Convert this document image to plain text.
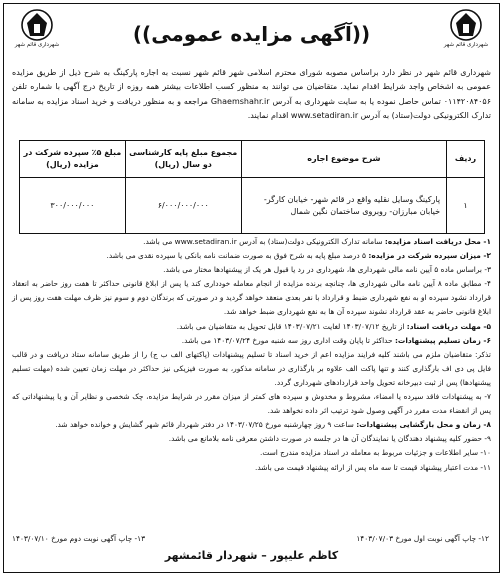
شهرداری قائم شهر
شهرداری قائم شهر	((آگهی مزایده عمومی))

شهرداری قائم شهر در نظر دارد براساس مصوبه شورای محترم اسلامی شهر قائم شهر نسبت به اجاره پارکینگ به شرح ذیل از طریق مزایده عمومی به اشخاص واجد شرایط اقدام نماید. متقاضیان می توانند به منظور کسب اطلاعات بیشتر همه روزه از تاریخ درج آگهی با شماره تلفن ۰۱۱۴۲۰۸۴۰۵۶ تماس حاصل نموده یا به سایت شهرداری به آدرس Ghaemshahr.ir مراجعه و به منظور دریافت و خرید اسناد مزایده به سامانه تدارک الکترونیکی دولت(ستاد) به آدرس www.setadiran.ir اقدام نمایند.

ردیف	شرح موضوع اجاره	مجموع مبلغ پایه کارشناسی دو سال (ریال)	مبلغ ۵٪ سپرده شرکت در مزایده (ریال)
۱	پارکینگ وسایل نقلیه واقع در قائم شهر- خیابان کارگر- خیابان مبارزان- روبروی ساختمان نگین شمال	۶/۰۰۰/۰۰۰/۰۰۰	۳۰۰/۰۰۰/۰۰۰

۱- محل دریافت اسناد مزایده: سامانه تدارک الکترونیکی دولت(ستاد) به آدرس www.setadiran.ir می باشد.

۲- میزان سپرده شرکت در مزایده: ۵ درصد مبلغ پایه به شرح فوق به صورت ضمانت نامه بانکی یا سپرده نقدی می باشد.

۳- براساس ماده ۵ آیین نامه مالی شهرداری ها، شهرداری در رد یا قبول هر یک از پیشنهادها مختار می باشد.

۴- مطابق ماده ۸ آیین نامه مالی شهرداری ها، چنانچه برنده مزایده از انجام معامله خودداری کند یا پس از ابلاغ قانونی حداکثر تا هفت روز حاضر به انعقاد قرارداد نشود سپرده او به نفع شهرداری ضبط و قرارداد با نفر بعدی منعقد خواهد گردید و در صورتی که برندگان دوم و سوم نیز ظرف مهلت هفت روز پس از ابلاغ قانونی حاضر به عقد قرارداد نشوند سپرده آن ها به نفع شهرداری ضبط خواهد شد.

۵- مهلت دریافت اسناد: از تاریخ ۱۴۰۳/۰۷/۱۲ لغایت ۱۴۰۳/۰۷/۲۱ قابل تحویل به متقاضیان می باشد.

۶- زمان تسلیم پیشنهادات: حداکثر تا پایان وقت اداری روز سه شنبه مورخ ۱۴۰۳/۰۷/۲۴ می باشد.

تذکر: متقاضیان ملزم می باشند کلیه فرایند مزایده اعم از خرید اسناد تا تسلیم پیشنهادات (پاکتهای الف ب ج) را از طریق سامانه ستاد دریافت و در قالب فایل پی دی اف بارگذاری کنند و تنها پاکت الف علاوه بر بارگذاری در سامانه مذکور، به صورت فیزیکی نیز حداکثر در مهلت زمان تعیین شده (مهلت تسلیم پیشنهادها) پس از ثبت دبیرخانه تحویل واحد قراردادهای شهرداری گردد.

۷- به پیشنهادات فاقد سپرده یا امضاء، مشروط و مخدوش و سپرده های کمتر از میزان مقرر در شرایط مزایده، چک شخصی و نظایر آن و یا پیشنهاداتی که پس از انقضاء مدت مقرر در آگهی وصول شود ترتیب اثر داده نخواهد شد.

۸- زمان و محل بازگشایی پیشنهادات: ساعت ۹ روز چهارشنبه مورخ ۱۴۰۳/۰۷/۲۵ در دفتر شهردار قائم شهر گشایش و خوانده خواهد شد.

۹- حضور کلیه پیشنهاد دهندگان یا نمایندگان آن ها در جلسه در صورت داشتن معرفی نامه بلامانع می باشد.

۱۰- سایر اطلاعات و جزئیات مربوط به معامله در اسناد مزایده مندرج است.

۱۱- مدت اعتبار پیشنهاد قیمت تا سه ماه پس از ارائه پیشنهاد قیمت می باشد.

۱۲- چاپ آگهی نوبت اول مورخ ۱۴۰۳/۰۷/۰۳
۱۳- چاپ آگهی نوبت دوم مورخ ۱۴۰۳/۰۷/۱۰
کاظم علیپور – شهردار قائمشهر
